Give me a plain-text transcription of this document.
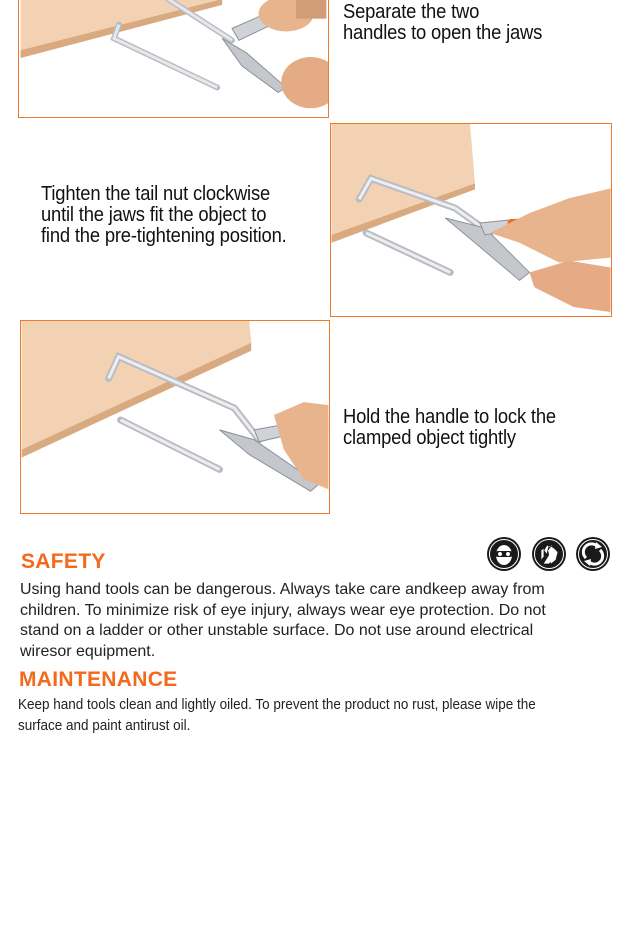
Separate the two
handles to open the jaws
Tighten the tail nut clockwise
until the jaws fit the object to
find the pre-tightening position.
Hold the handle to lock the
clamped object tightly
SAFETY
Using hand tools can be dangerous. Always take care andkeep away from
children. To minimize risk of eye injury, always wear eye protection. Do not
stand on a ladder or other unstable surface. Do not use around electrical
wiresor equipment.
MAINTENANCE
Keep hand tools clean and lightly oiled. To prevent the product no rust, please wipe the
surface and paint antirust oil.
